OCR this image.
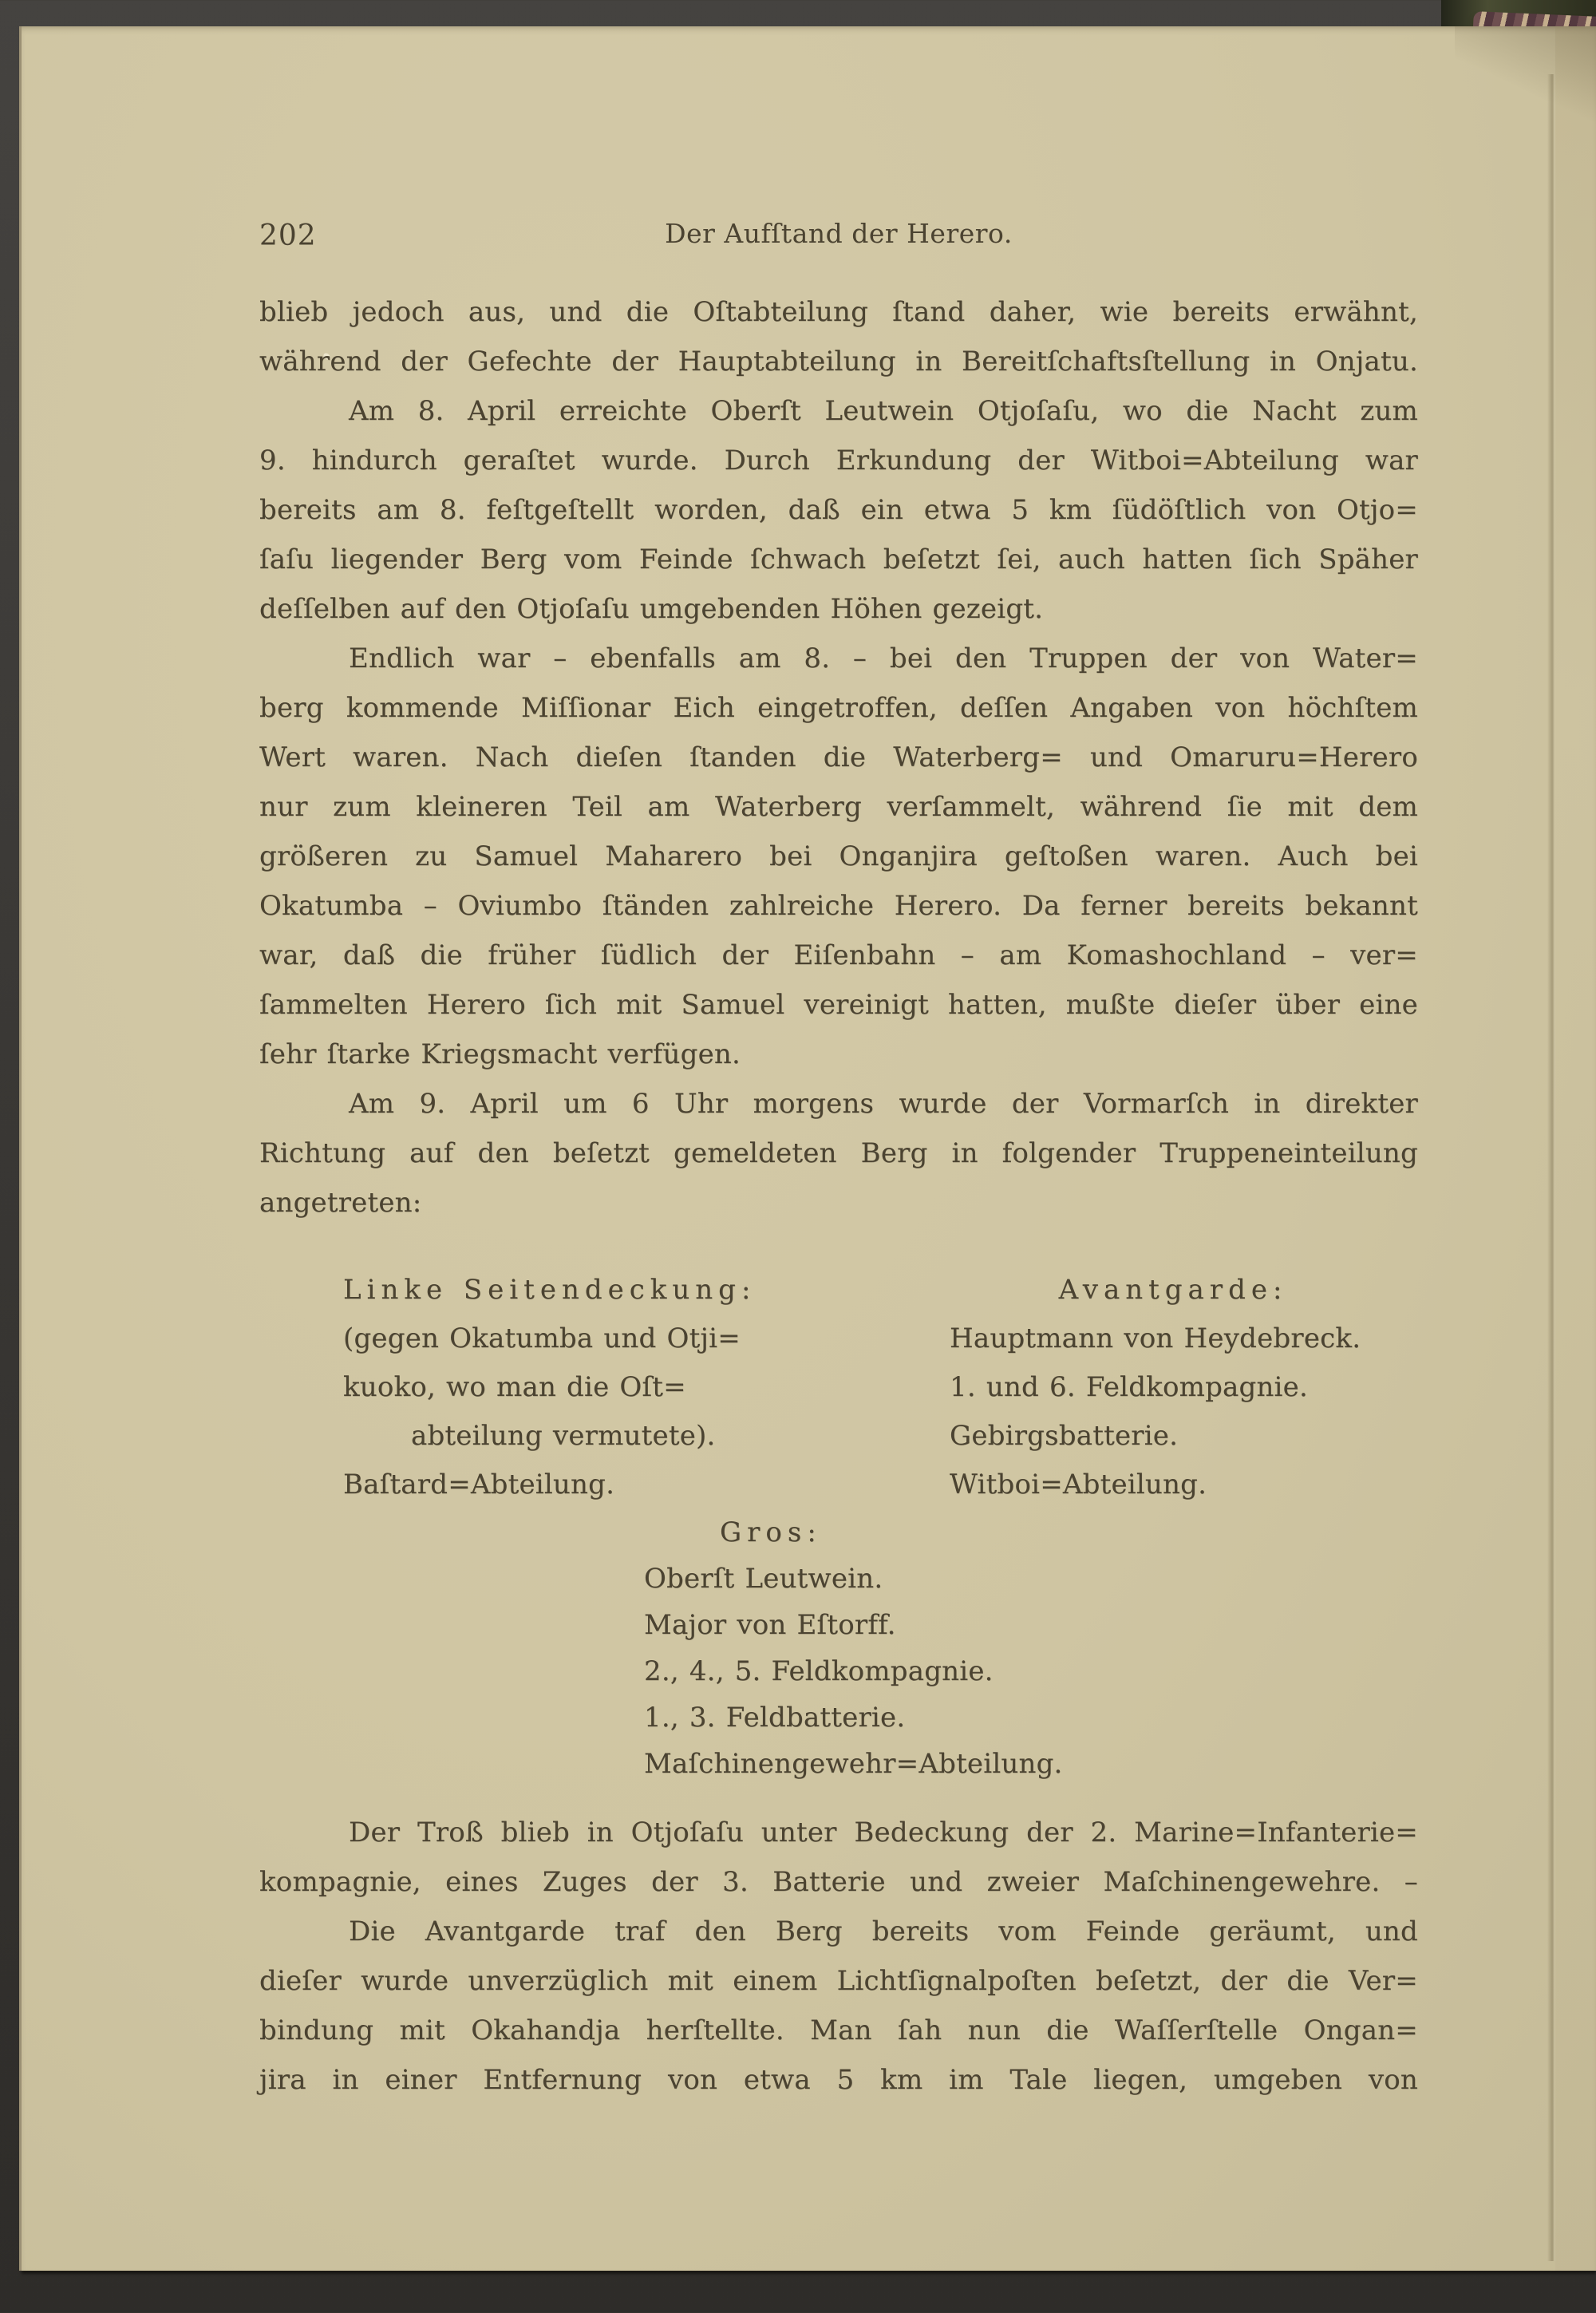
202	Der Aufſtand der Herero.
blieb jedoch aus, und die Oſtabteilung ſtand daher, wie bereits erwähnt,
während der Gefechte der Hauptabteilung in Bereitſchaftsſtellung in Onjatu.
Am 8. April erreichte Oberſt Leutwein Otjoſaſu, wo die Nacht zum
9. hindurch geraſtet wurde. Durch Erkundung der Witboi=Abteilung war
bereits am 8. feſtgeſtellt worden, daß ein etwa 5 km ſüdöſtlich von Otjo=
ſaſu liegender Berg vom Feinde ſchwach beſetzt ſei, auch hatten ſich Späher
deſſelben auf den Otjoſaſu umgebenden Höhen gezeigt.
Endlich war – ebenfalls am 8. – bei den Truppen der von Water=
berg kommende Miſſionar Eich eingetroffen, deſſen Angaben von höchſtem
Wert waren. Nach dieſen ſtanden die Waterberg= und Omaruru=Herero
nur zum kleineren Teil am Waterberg verſammelt, während ſie mit dem
größeren zu Samuel Maharero bei Onganjira geſtoßen waren. Auch bei
Okatumba – Oviumbo ſtänden zahlreiche Herero. Da ferner bereits bekannt
war, daß die früher ſüdlich der Eiſenbahn – am Komashochland – ver=
ſammelten Herero ſich mit Samuel vereinigt hatten, mußte dieſer über eine
ſehr ſtarke Kriegsmacht verfügen.
Am 9. April um 6 Uhr morgens wurde der Vormarſch in direkter
Richtung auf den beſetzt gemeldeten Berg in folgender Truppeneinteilung
angetreten:
Linke Seitendeckung:
(gegen Okatumba und Otji=
kuoko, wo man die Oſt=
abteilung vermutete).
Baſtard=Abteilung.
Avantgarde:
Hauptmann von Heydebreck.
1. und 6. Feldkompagnie.
Gebirgsbatterie.
Witboi=Abteilung.
Gros:
Oberſt Leutwein.
Major von Eſtorff.
2., 4., 5. Feldkompagnie.
1., 3. Feldbatterie.
Maſchinengewehr=Abteilung.
Der Troß blieb in Otjoſaſu unter Bedeckung der 2. Marine=Infanterie=
kompagnie, eines Zuges der 3. Batterie und zweier Maſchinengewehre. –
Die Avantgarde traf den Berg bereits vom Feinde geräumt, und
dieſer wurde unverzüglich mit einem Lichtſignalpoſten beſetzt, der die Ver=
bindung mit Okahandja herſtellte. Man ſah nun die Waſſerſtelle Ongan=
jira in einer Entfernung von etwa 5 km im Tale liegen, umgeben von
